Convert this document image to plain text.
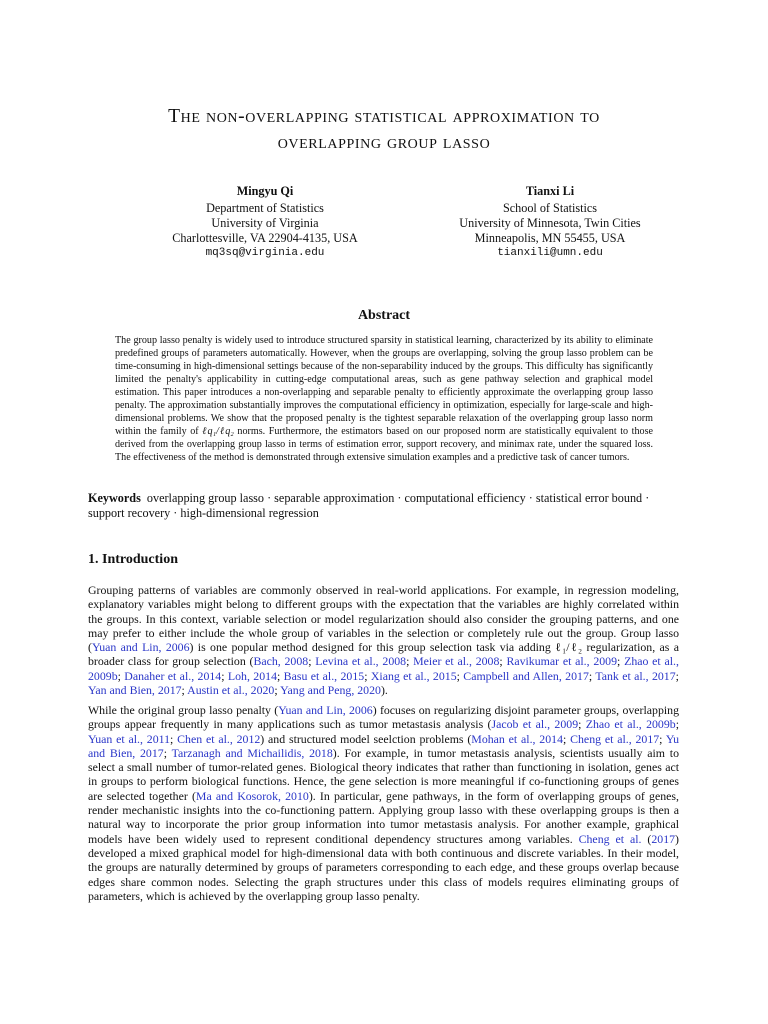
The non-overlapping statistical approximation to
overlapping group lasso
Mingyu Qi
Department of Statistics
University of Virginia
Charlottesville, VA 22904-4135, USA
mq3sq@virginia.edu
Tianxi Li
School of Statistics
University of Minnesota, Twin Cities
Minneapolis, MN 55455, USA
tianxili@umn.edu
Abstract

The group lasso penalty is widely used to introduce structured sparsity in statistical learning, characterized by its ability to eliminate predefined groups of parameters automatically. However, when the groups are overlapping, solving the group lasso problem can be time-consuming in high-dimensional settings because of the non-separability induced by the groups. This difficulty has significantly limited the penalty's applicability in cutting-edge computational areas, such as gene pathway selection and graphical model estimation. This paper introduces a non-overlapping and separable penalty to efficiently approximate the overlapping group lasso penalty. The approximation substantially improves the computational efficiency in optimization, especially for large-scale and high-dimensional problems. We show that the proposed penalty is the tightest separable relaxation of the overlapping group lasso norm within the family of ℓq₁/ℓq₂ norms. Furthermore, the estimators based on our proposed norm are statistically equivalent to those derived from the overlapping group lasso in terms of estimation error, support recovery, and minimax rate, under the squared loss. The effectiveness of the method is demonstrated through extensive simulation examples and a predictive task of cancer tumors.

Keywords overlapping group lasso · separable approximation · computational efficiency · statistical error bound · support recovery · high-dimensional regression

1. Introduction

Grouping patterns of variables are commonly observed in real-world applications. For example, in regression modeling, explanatory variables might belong to different groups with the expectation that the variables are highly correlated within the groups. In this context, variable selection or model regularization should also consider the grouping patterns, and one may prefer to either include the whole group of variables in the selection or completely rule out the group. Group lasso (Yuan and Lin, 2006) is one popular method designed for this group selection task via adding ℓ₁/ℓ₂ regularization, as a broader class for group selection (Bach, 2008; Levina et al., 2008; Meier et al., 2008; Ravikumar et al., 2009; Zhao et al., 2009b; Danaher et al., 2014; Loh, 2014; Basu et al., 2015; Xiang et al., 2015; Campbell and Allen, 2017; Tank et al., 2017; Yan and Bien, 2017; Austin et al., 2020; Yang and Peng, 2020).

While the original group lasso penalty (Yuan and Lin, 2006) focuses on regularizing disjoint parameter groups, overlapping groups appear frequently in many applications such as tumor metastasis analysis (Jacob et al., 2009; Zhao et al., 2009b; Yuan et al., 2011; Chen et al., 2012) and structured model seelction problems (Mohan et al., 2014; Cheng et al., 2017; Yu and Bien, 2017; Tarzanagh and Michailidis, 2018). For example, in tumor metastasis analysis, scientists usually aim to select a small number of tumor-related genes. Biological theory indicates that rather than functioning in isolation, genes act in groups to perform biological functions. Hence, the gene selection is more meaningful if co-functioning groups of genes are selected together (Ma and Kosorok, 2010). In particular, gene pathways, in the form of overlapping groups of genes, render mechanistic insights into the co-functioning pattern. Applying group lasso with these overlapping groups is then a natural way to incorporate the prior group information into tumor metastasis analysis. For another example, graphical models have been widely used to represent conditional dependency structures among variables. Cheng et al. (2017) developed a mixed graphical model for high-dimensional data with both continuous and discrete variables. In their model, the groups are naturally determined by groups of parameters corresponding to each edge, and these groups overlap because edges share common nodes. Selecting the graph structures under this class of models requires eliminating groups of parameters, which is achieved by the overlapping group lasso penalty.
